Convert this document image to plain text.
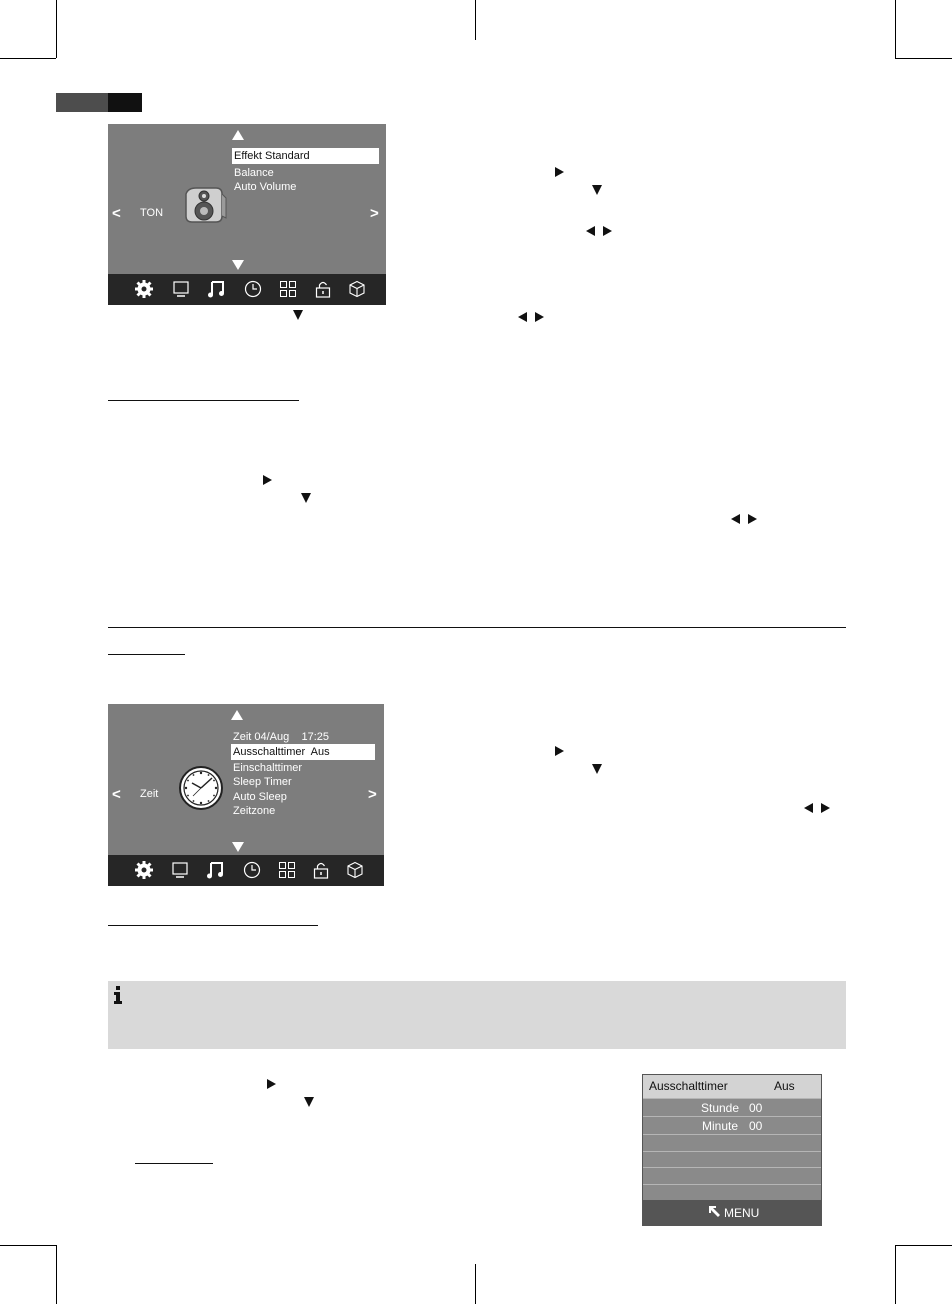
Effekt Standard
Balance
Auto Volume
< TON	>
Zeit 04/Aug    17:25
Ausschalttimer  Aus
Einschalttimer
Sleep Timer
Auto Sleep
Zeitzone
< Zeit	>
Ausschalttimer	Aus
Stunde 00
Minute 00
MENU
